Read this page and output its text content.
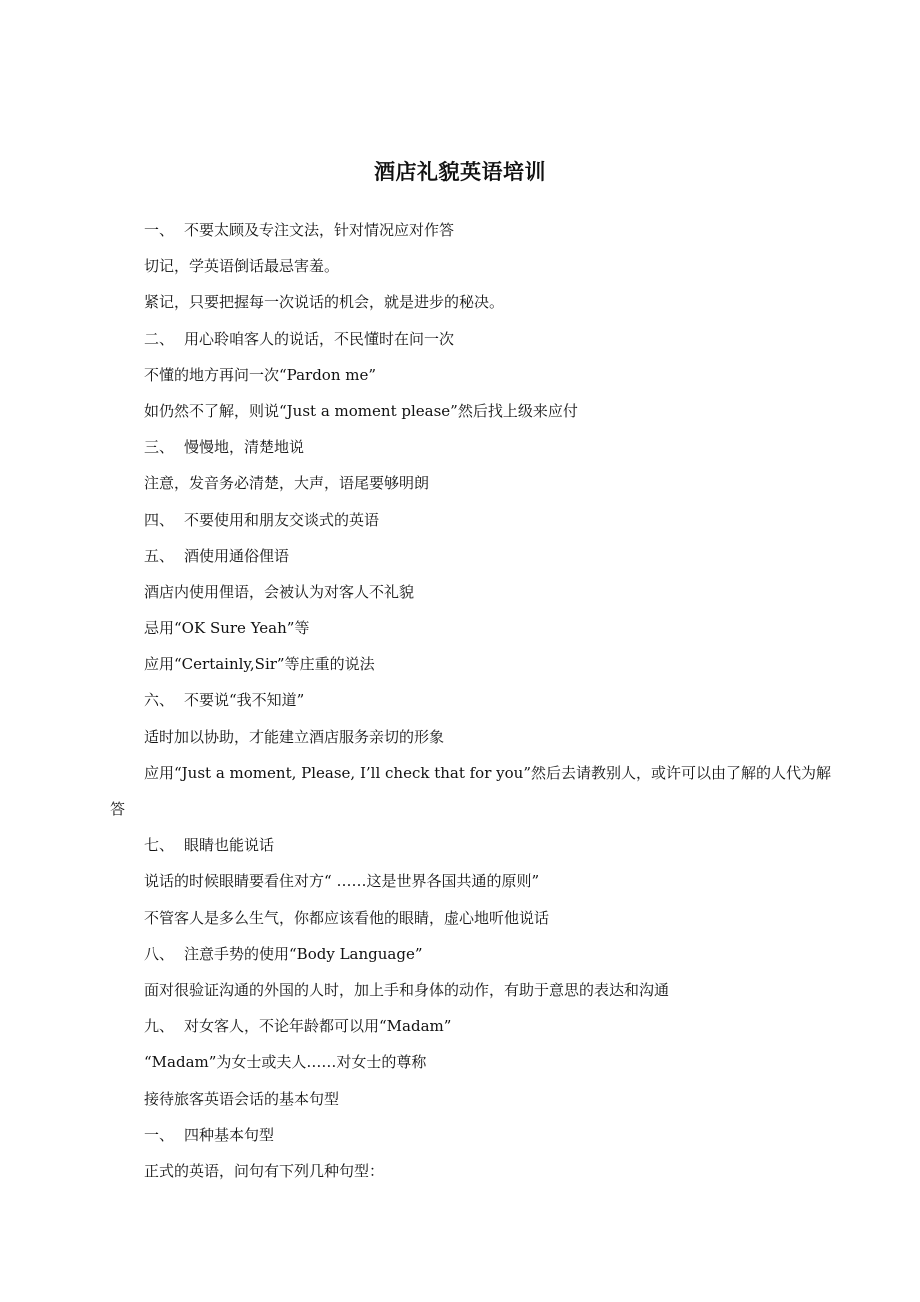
酒店礼貌英语培训
一、 不要太顾及专注文法，针对情况应对作答
切记，学英语倒话最忌害羞。
紧记，只要把握每一次说话的机会，就是进步的秘决。
二、 用心聆咱客人的说话，不民懂时在问一次
不懂的地方再问一次“Pardon me”
如仍然不了解，则说“Just a moment please”然后找上级来应付
三、 慢慢地，清楚地说
注意，发音务必清楚，大声，语尾要够明朗
四、 不要使用和朋友交谈式的英语
五、 酒使用通俗俚语
酒店内使用俚语，会被认为对客人不礼貌
忌用“OK Sure Yeah”等
应用“Certainly,Sir”等庄重的说法
六、 不要说“我不知道”
适时加以协助，才能建立酒店服务亲切的形象
应用“Just a moment, Please, I’ll check that for you”然后去请教别人，或许可以由了解的人代为解答
七、 眼睛也能说话
说话的时候眼睛要看住对方“ ……这是世界各国共通的原则”
不管客人是多么生气，你都应该看他的眼睛，虚心地听他说话
八、 注意手势的使用“Body Language”
面对很验证沟通的外国的人时，加上手和身体的动作，有助于意思的表达和沟通
九、 对女客人，不论年龄都可以用“Madam”
“Madam”为女士或夫人……对女士的尊称
接待旅客英语会话的基本句型
一、 四种基本句型
正式的英语，问句有下列几种句型：
